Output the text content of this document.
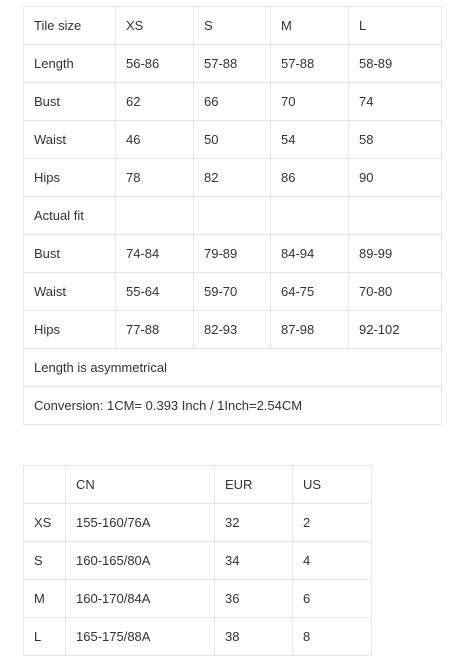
Tile size	XS	S	M	L
Length	56-86	57-88	57-88	58-89
Bust	62	66	70	74
Waist	46	50	54	58
Hips	78	82	86	90
Actual fit				
Bust	74-84	79-89	84-94	89-99
Waist	55-64	59-70	64-75	70-80
Hips	77-88	82-93	87-98	92-102
Length is asymmetrical				
Conversion: 1CM= 0.393 Inch / 1Inch=2.54CM				
	CN	EUR	US
XS	155-160/76A	32	2
S	160-165/80A	34	4
M	160-170/84A	36	6
L	165-175/88A	38	8
